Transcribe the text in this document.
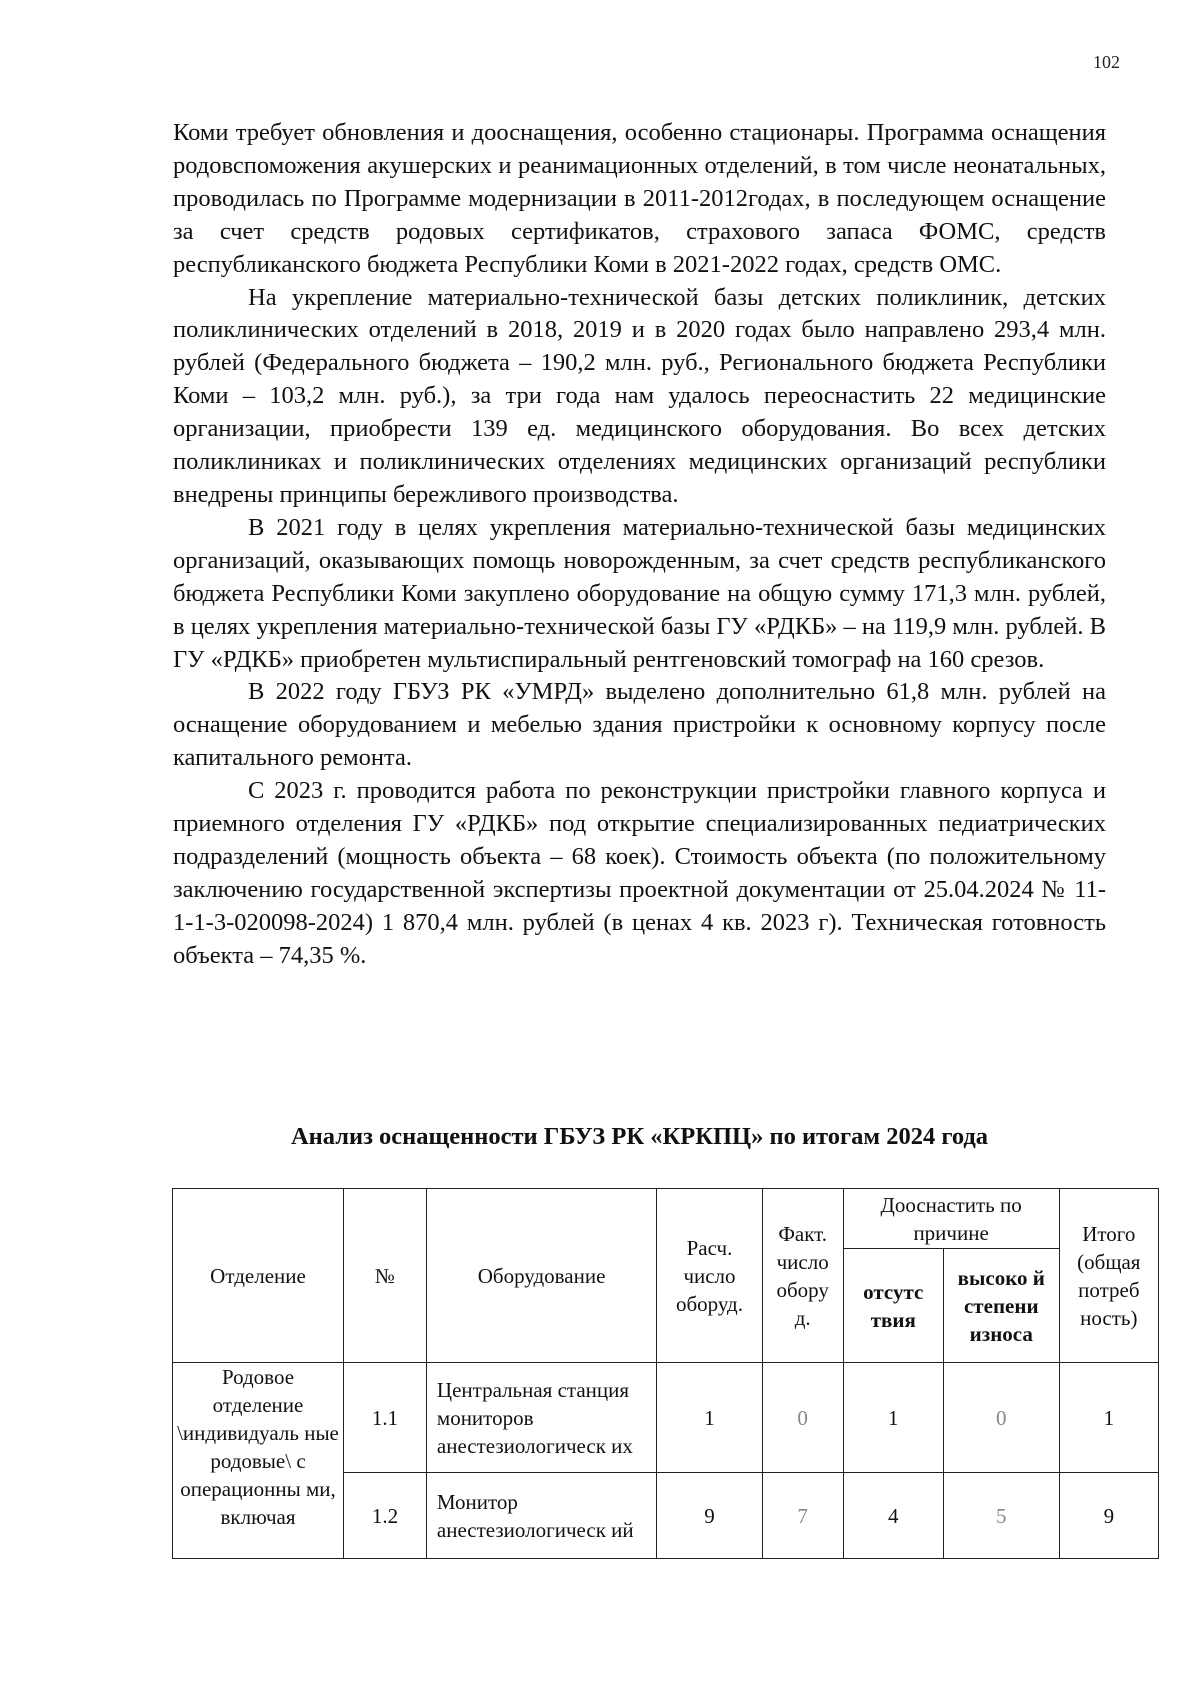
102

Коми требует обновления и дооснащения, особенно стационары. Программа оснащения родовспоможения акушерских и реанимационных отделений, в том числе неонатальных, проводилась по Программе модернизации в 2011-2012годах, в последующем оснащение за счет средств родовых сертификатов, страхового запаса ФОМС, средств республиканского бюджета Республики Коми в 2021-2022 годах, средств ОМС.

На укрепление материально-технической базы детских поликлиник, детских поликлинических отделений в 2018, 2019 и в 2020 годах было направлено 293,4 млн. рублей (Федерального бюджета – 190,2 млн. руб., Регионального бюджета Республики Коми – 103,2 млн. руб.), за три года нам удалось переоснастить 22 медицинские организации, приобрести 139 ед. медицинского оборудования. Во всех детских поликлиниках и поликлинических отделениях медицинских организаций республики внедрены принципы бережливого производства.

В 2021 году в целях укрепления материально-технической базы медицинских организаций, оказывающих помощь новорожденным, за счет средств республиканского бюджета Республики Коми закуплено оборудование на общую сумму 171,3 млн. рублей, в целях укрепления материально-технической базы ГУ «РДКБ» – на 119,9 млн. рублей. В ГУ «РДКБ» приобретен мультиспиральный рентгеновский томограф на 160 срезов.

В 2022 году ГБУЗ РК «УМРД» выделено дополнительно 61,8 млн. рублей на оснащение оборудованием и мебелью здания пристройки к основному корпусу после капитального ремонта.

С 2023 г. проводится работа по реконструкции пристройки главного корпуса и приемного отделения ГУ «РДКБ» под открытие специализированных педиатрических подразделений (мощность объекта – 68 коек). Стоимость объекта (по положительному заключению государственной экспертизы проектной документации от 25.04.2024 № 11-1-1-3-020098-2024) 1 870,4 млн. рублей (в ценах 4 кв. 2023 г). Техническая готовность объекта – 74,35 %.

Анализ оснащенности ГБУЗ РК «КРКПЦ» по итогам 2024 года

Отделение	№	Оборудование	Расч. число оборуд.	Факт. число обору д.	Дооснастить по причине		Итого (общая потреб ность)
					отсутс твия	высоко й степени износа	
Родовое отделение \индивидуаль ные родовые\ с операционны ми, включая	1.1	Центральная станция мониторов анестезиологическ их	1	0	1	0	1
	1.2	Монитор анестезиологическ ий	9	7	4	5	9
